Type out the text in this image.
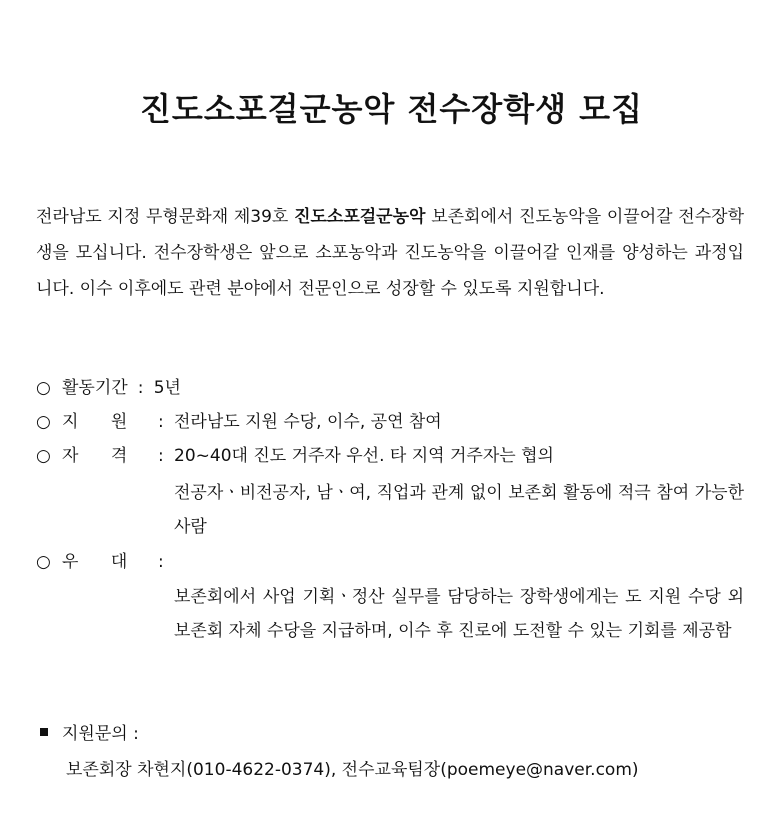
진도소포걸군농악 전수장학생 모집
전라남도 지정 무형문화재 제39호 진도소포걸군농악 보존회에서 진도농악을 이끌어갈 전수장학생을 모십니다. 전수장학생은 앞으로 소포농악과 진도농악을 이끌어갈 인재를 양성하는 과정입니다. 이수 이후에도 관련 분야에서 전문인으로 성장할 수 있도록 지원합니다.
○ 활동기간 : 5년
○ 지      원 : 전라남도 지원 수당, 이수, 공연 참여
○ 자      격 : 20~40대 진도 거주자 우선. 타 지역 거주자는 협의
전공자ㆍ비전공자, 남ㆍ여, 직업과 관계 없이 보존회 활동에 적극 참여 가능한 사람
○ 우      대 :
보존회에서 사업 기획ㆍ정산 실무를 담당하는 장학생에게는 도 지원 수당 외 보존회 자체 수당을 지급하며, 이수 후 진로에 도전할 수 있는 기회를 제공함
지원문의 :
보존회장 차현지(010-4622-0374), 전수교육팀장(poemeye@naver.com)
